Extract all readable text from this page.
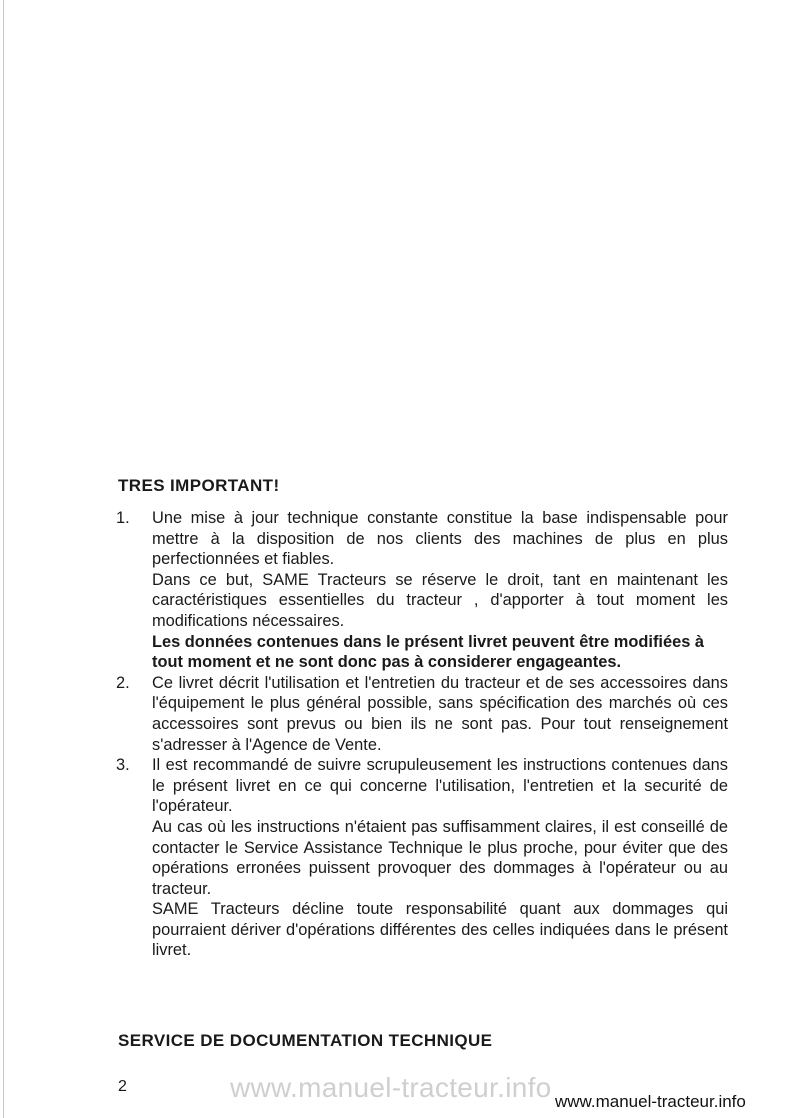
TRES IMPORTANT!
1. Une mise à jour technique constante constitue la base indispensable pour mettre à la disposition de nos clients des machines de plus en plus perfectionnées et fiables.

Dans ce but, SAME Tracteurs se réserve le droit, tant en maintenant les caractéristiques essentielles du tracteur , d'apporter à tout moment les modifications nécessaires.

Les données contenues dans le présent livret peuvent être modifiées à tout moment et ne sont donc pas à considerer engageantes.

2. Ce livret décrit l'utilisation et l'entretien du tracteur et de ses accessoires dans l'équipement le plus général possible, sans spécification des marchés où ces accessoires sont prevus ou bien ils ne sont pas. Pour tout renseignement s'adresser à l'Agence de Vente.

3. Il est recommandé de suivre scrupuleusement les instructions contenues dans le présent livret en ce qui concerne l'utilisation, l'entretien et la securité de l'opérateur.

Au cas où les instructions n'étaient pas suffisamment claires, il est conseillé de contacter le Service Assistance Technique le plus proche, pour éviter que des opérations erronées puissent provoquer des dommages à l'opérateur ou au tracteur.

SAME Tracteurs décline toute responsabilité quant aux dommages qui pourraient dériver d'opérations différentes des celles indiquées dans le présent livret.

SERVICE DE DOCUMENTATION TECHNIQUE
2	www.manuel-tracteur.info www.manuel-tracteur.info
